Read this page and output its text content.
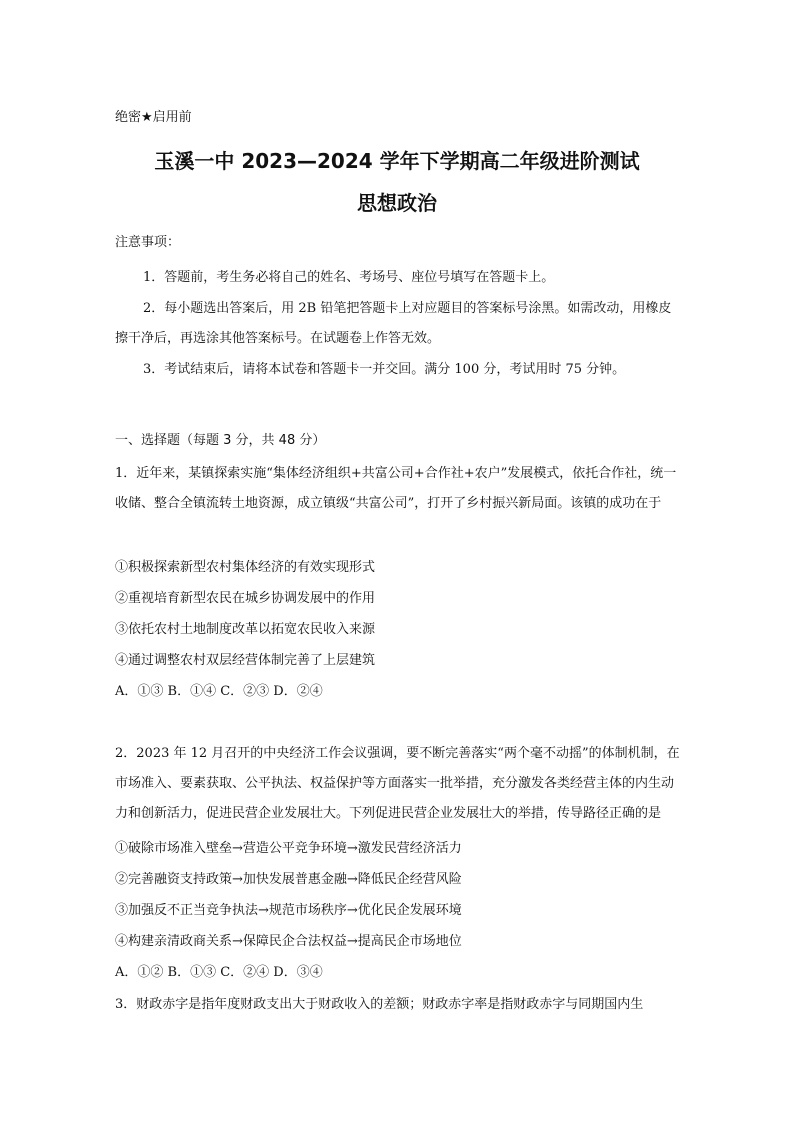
绝密★启用前
玉溪一中 2023—2024 学年下学期高二年级进阶测试
思想政治
注意事项：
1．答题前，考生务必将自己的姓名、考场号、座位号填写在答题卡上。
2．每小题选出答案后，用 2B 铅笔把答题卡上对应题目的答案标号涂黑。如需改动，用橡皮擦干净后，再选涂其他答案标号。在试题卷上作答无效。
3．考试结束后，请将本试卷和答题卡一并交回。满分 100 分，考试用时 75 分钟。
一、选择题（每题 3 分，共 48 分）
1．近年来，某镇探索实施“集体经济组织+共富公司+合作社+农户”发展模式，依托合作社，统一收储、整合全镇流转土地资源，成立镇级“共富公司”，打开了乡村振兴新局面。该镇的成功在于
①积极探索新型农村集体经济的有效实现形式
②重视培育新型农民在城乡协调发展中的作用
③依托农村土地制度改革以拓宽农民收入来源
④通过调整农村双层经营体制完善了上层建筑
A．①③ B．①④ C．②③ D．②④
2．2023 年 12 月召开的中央经济工作会议强调，要不断完善落实“两个毫不动摇”的体制机制，在市场准入、要素获取、公平执法、权益保护等方面落实一批举措，充分激发各类经营主体的内生动力和创新活力，促进民营企业发展壮大。下列促进民营企业发展壮大的举措，传导路径正确的是
①破除市场准入壁垒→营造公平竞争环境→激发民营经济活力
②完善融资支持政策→加快发展普惠金融→降低民企经营风险
③加强反不正当竞争执法→规范市场秩序→优化民企发展环境
④构建亲清政商关系→保障民企合法权益→提高民企市场地位
A．①② B．①③ C．②④ D．③④
3．财政赤字是指年度财政支出大于财政收入的差额；财政赤字率是指财政赤字与同期国内生
